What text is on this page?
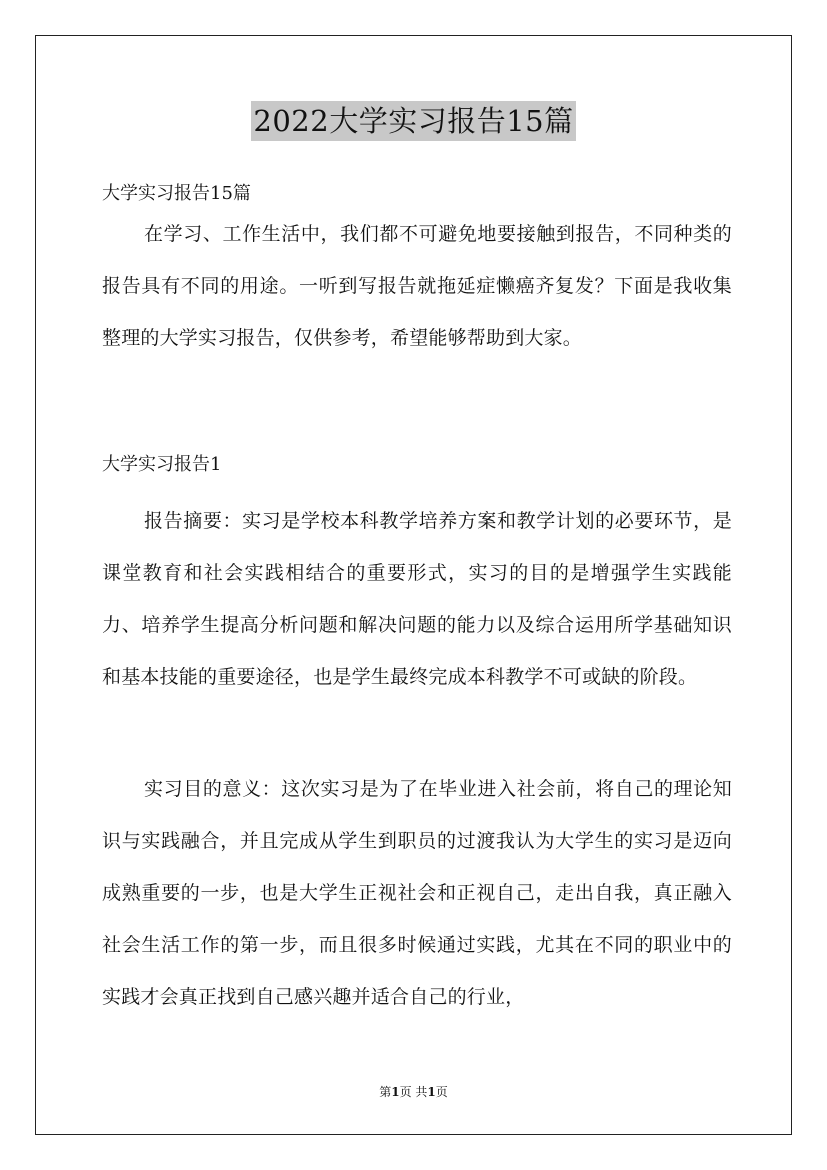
2022大学实习报告15篇
大学实习报告15篇

在学习、工作生活中，我们都不可避免地要接触到报告，不同种类的报告具有不同的用途。一听到写报告就拖延症懒癌齐复发？下面是我收集整理的大学实习报告，仅供参考，希望能够帮助到大家。

大学实习报告1

报告摘要：实习是学校本科教学培养方案和教学计划的必要环节，是课堂教育和社会实践相结合的重要形式，实习的目的是增强学生实践能力、培养学生提高分析问题和解决问题的能力以及综合运用所学基础知识和基本技能的重要途径，也是学生最终完成本科教学不可或缺的阶段。

实习目的意义：这次实习是为了在毕业进入社会前，将自己的理论知识与实践融合，并且完成从学生到职员的过渡我认为大学生的实习是迈向成熟重要的一步，也是大学生正视社会和正视自己，走出自我，真正融入社会生活工作的第一步，而且很多时候通过实践，尤其在不同的职业中的实践才会真正找到自己感兴趣并适合自己的行业，

第1页 共1页
